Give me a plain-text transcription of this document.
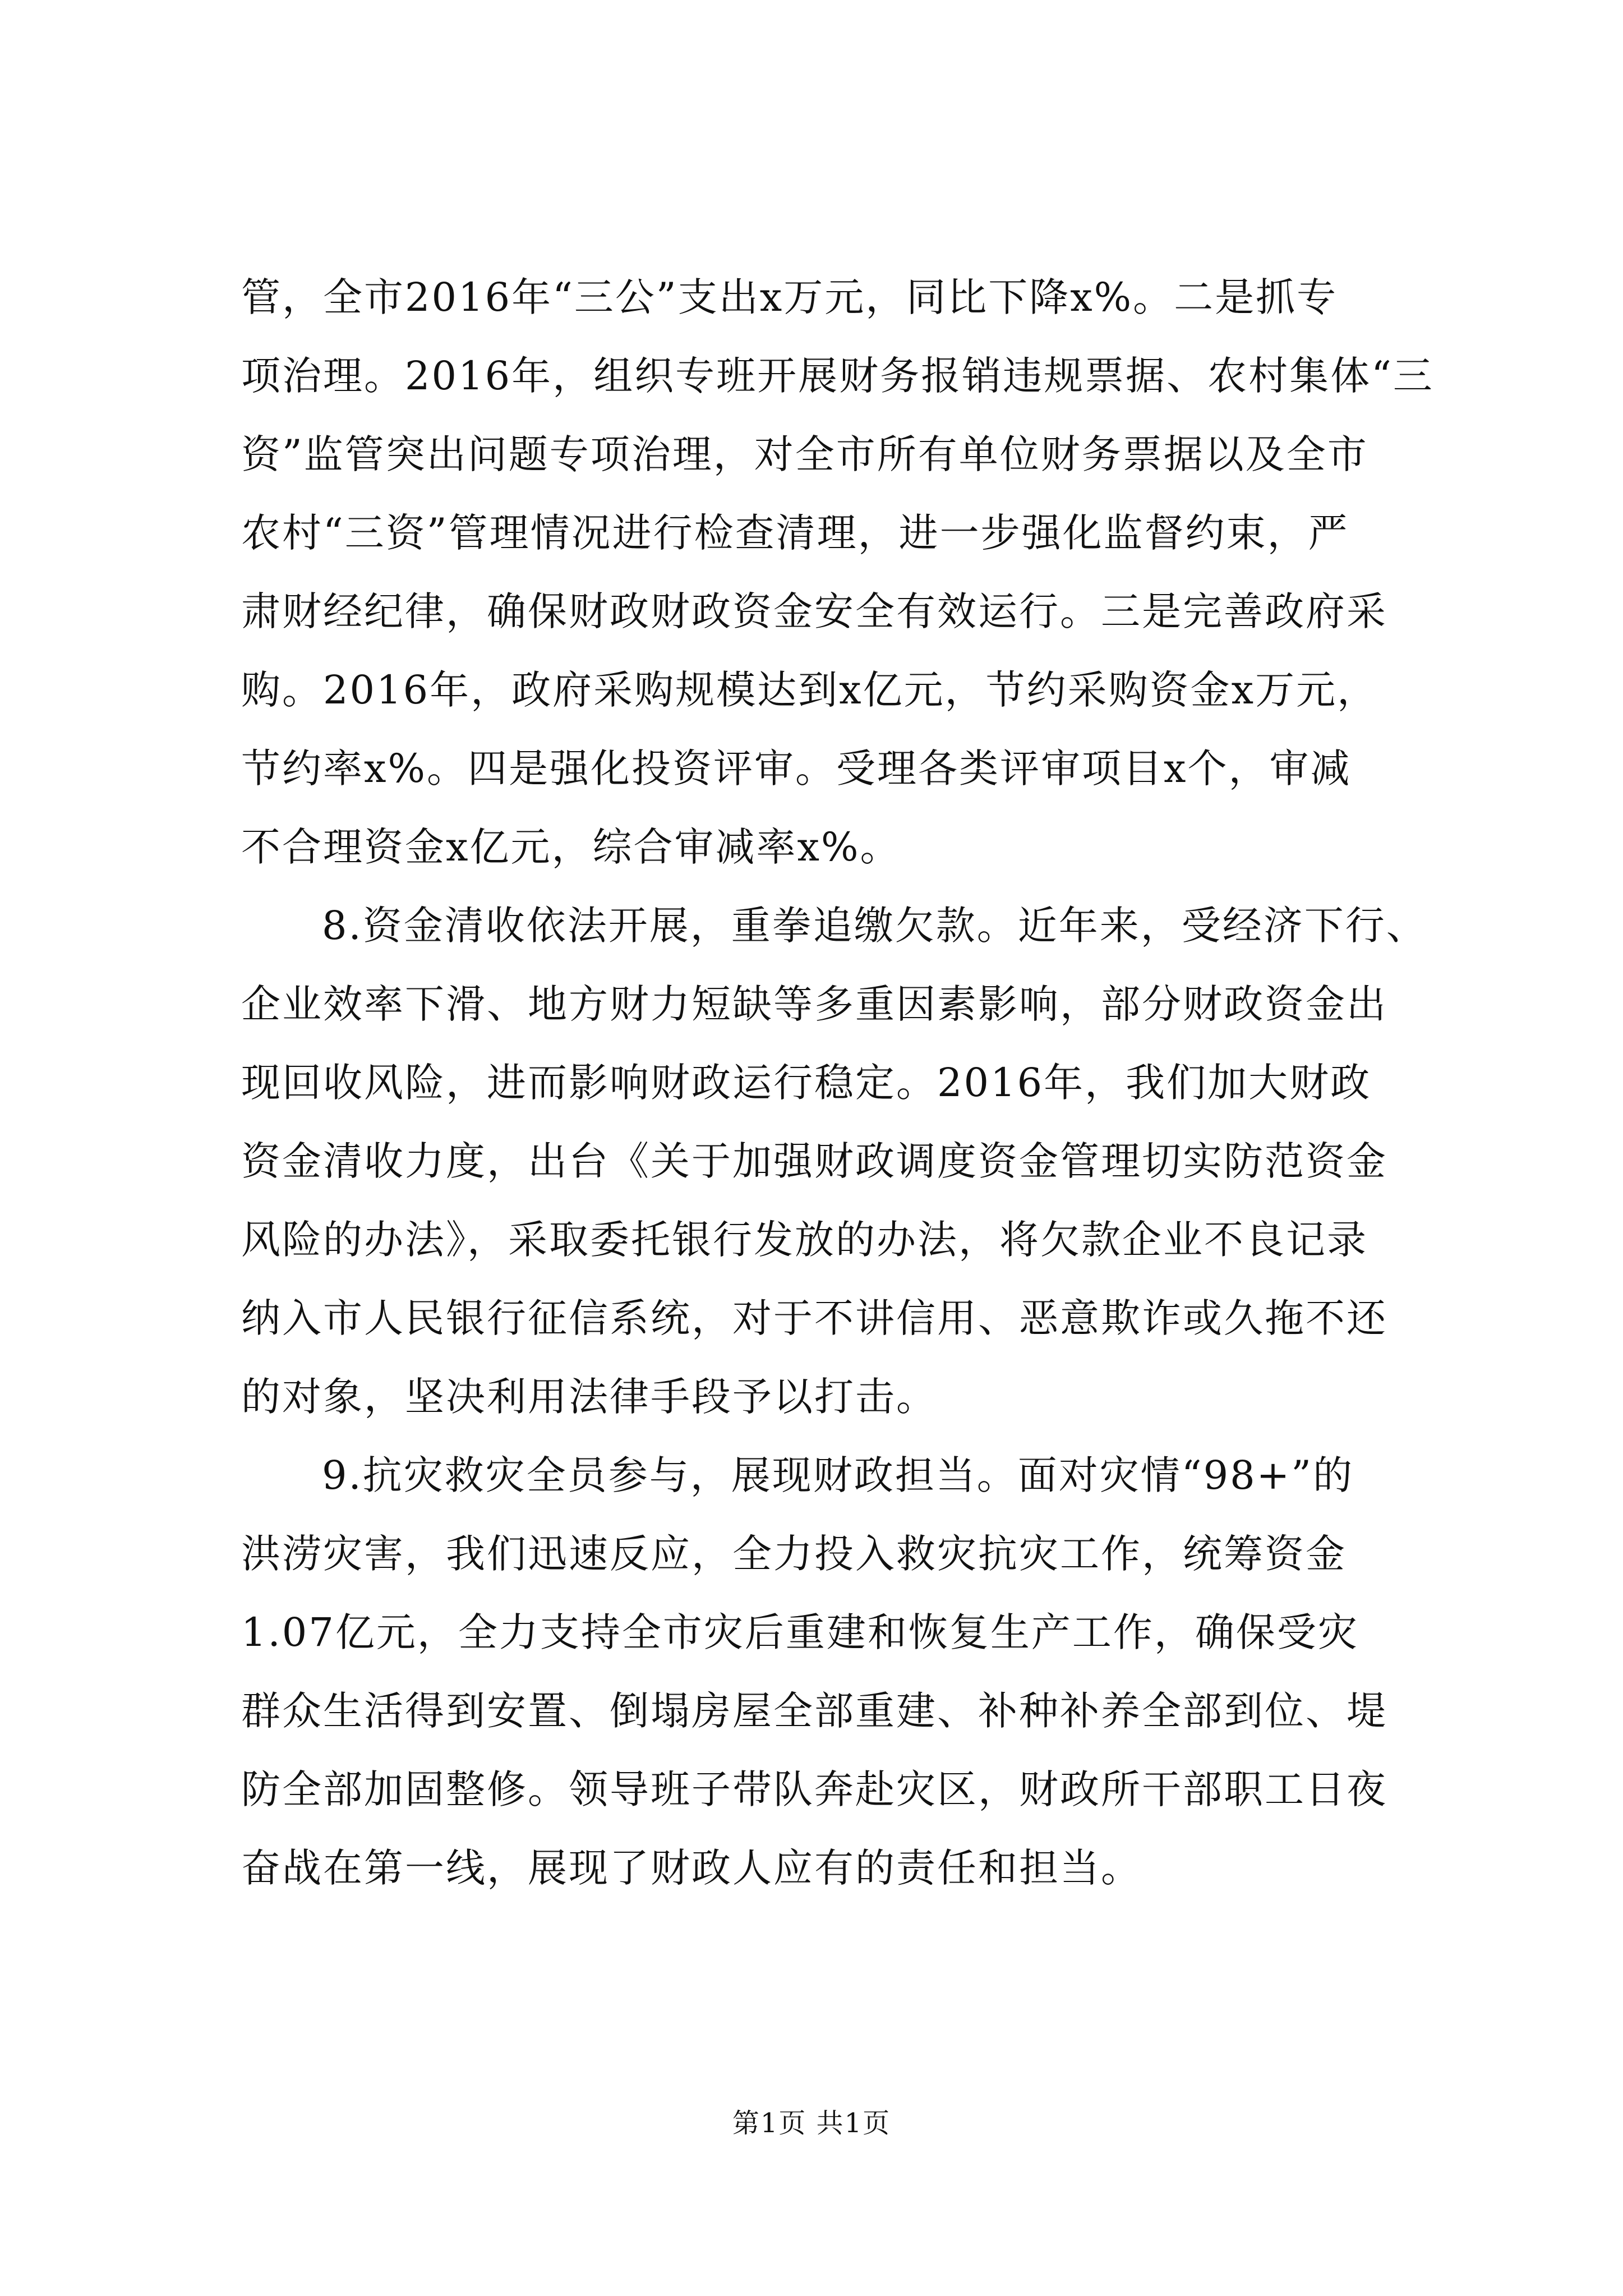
管，全市2016年“三公”支出x万元，同比下降x%。二是抓专
项治理。2016年，组织专班开展财务报销违规票据、农村集体“三
资”监管突出问题专项治理，对全市所有单位财务票据以及全市
农村“三资”管理情况进行检查清理，进一步强化监督约束，严
肃财经纪律，确保财政财政资金安全有效运行。三是完善政府采
购。2016年，政府采购规模达到x亿元，节约采购资金x万元，
节约率x%。四是强化投资评审。受理各类评审项目x个，审减
不合理资金x亿元，综合审减率x%。
8.资金清收依法开展，重拳追缴欠款。近年来，受经济下行、
企业效率下滑、地方财力短缺等多重因素影响，部分财政资金出
现回收风险，进而影响财政运行稳定。2016年，我们加大财政
资金清收力度，出台《关于加强财政调度资金管理切实防范资金
风险的办法》，采取委托银行发放的办法，将欠款企业不良记录
纳入市人民银行征信系统，对于不讲信用、恶意欺诈或久拖不还
的对象，坚决利用法律手段予以打击。
9.抗灾救灾全员参与，展现财政担当。面对灾情“98+”的
洪涝灾害，我们迅速反应，全力投入救灾抗灾工作，统筹资金
1.07亿元，全力支持全市灾后重建和恢复生产工作，确保受灾
群众生活得到安置、倒塌房屋全部重建、补种补养全部到位、堤
防全部加固整修。领导班子带队奔赴灾区，财政所干部职工日夜
奋战在第一线，展现了财政人应有的责任和担当。
第1页 共1页
